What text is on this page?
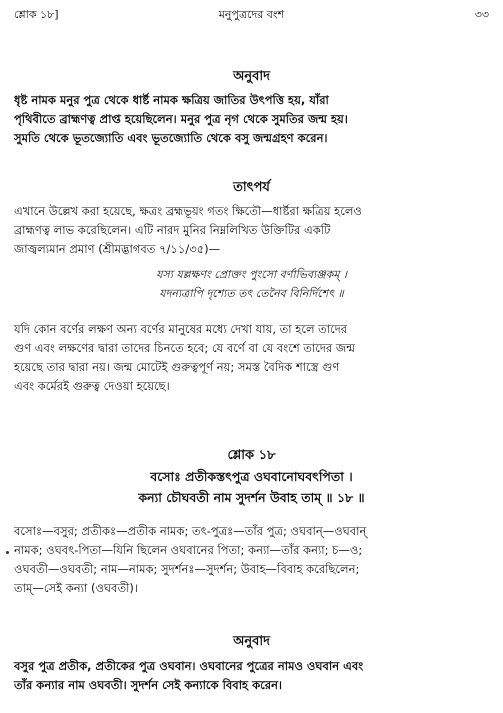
শ্লোক ১৮]	মনুপুত্রদের বংশ	৩৩
অনুবাদ
ধৃষ্ট নামক মনুর পুত্র থেকে ধার্ষ্ট নামক ক্ষত্রিয় জাতির উৎপত্তি হয়, যাঁরা
পৃথিবীতে ব্রাহ্মণত্ব প্রাপ্ত হয়েছিলেন। মনুর পুত্র নৃগ থেকে সুমতির জন্ম হয়।
সুমতি থেকে ভূতজ্যোতি এবং ভূতজ্যোতি থেকে বসু জন্মগ্রহণ করেন।
তাৎপর্য
এখানে উল্লেখ করা হয়েছে, ক্ষত্রং ব্রহ্মভূয়ং গতং ক্ষিতৌ—ধার্ষ্টরা ক্ষত্রিয় হলেও
ব্রাহ্মণত্ব লাভ করেছিলেন। এটি নারদ মুনির নিম্নলিখিত উক্তিটির একটি
জাজ্বল্যমান প্রমাণ (শ্রীমদ্ভাগবত ৭/১১/৩৫)—
যস্য যল্লক্ষণং প্রোক্তং পুংসো বর্ণাভিব্যঞ্জকম্ ।
যদন্যত্রাপি দৃশ্যেত তৎ তেনৈব বিনির্দিশেৎ ॥
যদি কোন বর্ণের লক্ষণ অন্য বর্ণের মানুষের মধ্যে দেখা যায়, তা হলে তাদের
গুণ এবং লক্ষণের দ্বারা তাদের চিনতে হবে; যে বর্ণে বা যে বংশে তাদের জন্ম
হয়েছে তার দ্বারা নয়। জন্ম মোটেই গুরুত্বপূর্ণ নয়; সমস্ত বৈদিক শাস্ত্রে গুণ
এবং কর্মেরই গুরুত্ব দেওয়া হয়েছে।
শ্লোক ১৮
বসোঃ প্রতীকস্তৎপুত্র ওঘবানোঘবৎপিতা ।
কন্যা চৌঘবতী নাম সুদর্শন উবাহ তাম্ ॥ ১৮ ॥
বসোঃ—বসুর; প্রতীকঃ—প্রতীক নামক; তৎ-পুত্রঃ—তাঁর পুত্র; ওঘবান্—ওঘবান্
নামক; ওঘবৎ-পিতা—যিনি ছিলেন ওঘবানের পিতা; কন্যা—তাঁর কন্যা; চ—ও;
ওঘবতী—ওঘবতী; নাম—নামক; সুদর্শনঃ—সুদর্শন; উবাহ—বিবাহ করেছিলেন;
তাম্—সেই কন্যা (ওঘবতী)।
অনুবাদ
বসুর পুত্র প্রতীক, প্রতীকের পুত্র ওঘবান। ওঘবানের পুত্রের নামও ওঘবান এবং
তাঁর কন্যার নাম ওঘবতী। সুদর্শন সেই কন্যাকে বিবাহ করেন।
